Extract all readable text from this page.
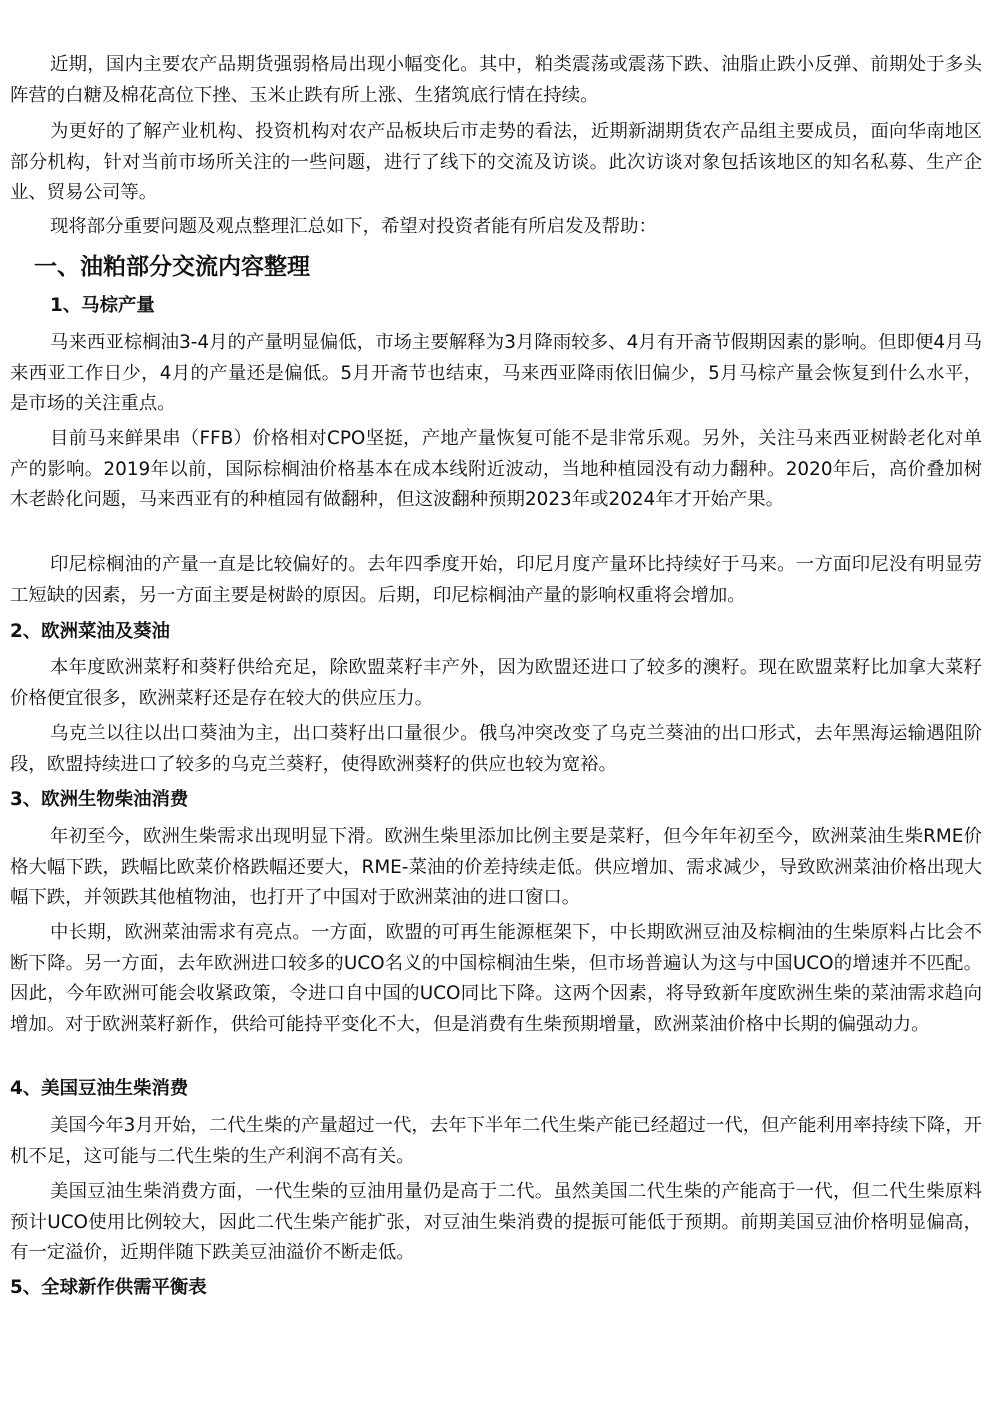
近期，国内主要农产品期货强弱格局出现小幅变化。其中，粕类震荡或震荡下跌、油脂止跌小反弹、前期处于多头阵营的白糖及棉花高位下挫、玉米止跌有所上涨、生猪筑底行情在持续。

为更好的了解产业机构、投资机构对农产品板块后市走势的看法，近期新湖期货农产品组主要成员，面向华南地区部分机构，针对当前市场所关注的一些问题，进行了线下的交流及访谈。此次访谈对象包括该地区的知名私募、生产企业、贸易公司等。

现将部分重要问题及观点整理汇总如下，希望对投资者能有所启发及帮助：

一、油粕部分交流内容整理
1、马棕产量

马来西亚棕榈油3-4月的产量明显偏低，市场主要解释为3月降雨较多、4月有开斋节假期因素的影响。但即便4月马来西亚工作日少，4月的产量还是偏低。5月开斋节也结束，马来西亚降雨依旧偏少，5月马棕产量会恢复到什么水平，是市场的关注重点。

目前马来鲜果串（FFB）价格相对CPO坚挺，产地产量恢复可能不是非常乐观。另外，关注马来西亚树龄老化对单产的影响。2019年以前，国际棕榈油价格基本在成本线附近波动，当地种植园没有动力翻种。2020年后，高价叠加树木老龄化问题，马来西亚有的种植园有做翻种，但这波翻种预期2023年或2024年才开始产果。

印尼棕榈油的产量一直是比较偏好的。去年四季度开始，印尼月度产量环比持续好于马来。一方面印尼没有明显劳工短缺的因素，另一方面主要是树龄的原因。后期，印尼棕榈油产量的影响权重将会增加。

2、欧洲菜油及葵油

本年度欧洲菜籽和葵籽供给充足，除欧盟菜籽丰产外，因为欧盟还进口了较多的澳籽。现在欧盟菜籽比加拿大菜籽价格便宜很多，欧洲菜籽还是存在较大的供应压力。

乌克兰以往以出口葵油为主，出口葵籽出口量很少。俄乌冲突改变了乌克兰葵油的出口形式，去年黑海运输遇阻阶段，欧盟持续进口了较多的乌克兰葵籽，使得欧洲葵籽的供应也较为宽裕。

3、欧洲生物柴油消费

年初至今，欧洲生柴需求出现明显下滑。欧洲生柴里添加比例主要是菜籽，但今年年初至今，欧洲菜油生柴RME价格大幅下跌，跌幅比欧菜价格跌幅还要大，RME-菜油的价差持续走低。供应增加、需求减少，导致欧洲菜油价格出现大幅下跌，并领跌其他植物油，也打开了中国对于欧洲菜油的进口窗口。

中长期，欧洲菜油需求有亮点。一方面，欧盟的可再生能源框架下，中长期欧洲豆油及棕榈油的生柴原料占比会不断下降。另一方面，去年欧洲进口较多的UCO名义的中国棕榈油生柴，但市场普遍认为这与中国UCO的增速并不匹配。因此，今年欧洲可能会收紧政策，令进口自中国的UCO同比下降。这两个因素，将导致新年度欧洲生柴的菜油需求趋向增加。对于欧洲菜籽新作，供给可能持平变化不大，但是消费有生柴预期增量，欧洲菜油价格中长期的偏强动力。

4、美国豆油生柴消费

美国今年3月开始，二代生柴的产量超过一代，去年下半年二代生柴产能已经超过一代，但产能利用率持续下降，开机不足，这可能与二代生柴的生产利润不高有关。

美国豆油生柴消费方面，一代生柴的豆油用量仍是高于二代。虽然美国二代生柴的产能高于一代，但二代生柴原料预计UCO使用比例较大，因此二代生柴产能扩张，对豆油生柴消费的提振可能低于预期。前期美国豆油价格明显偏高，有一定溢价，近期伴随下跌美豆油溢价不断走低。

5、全球新作供需平衡表
